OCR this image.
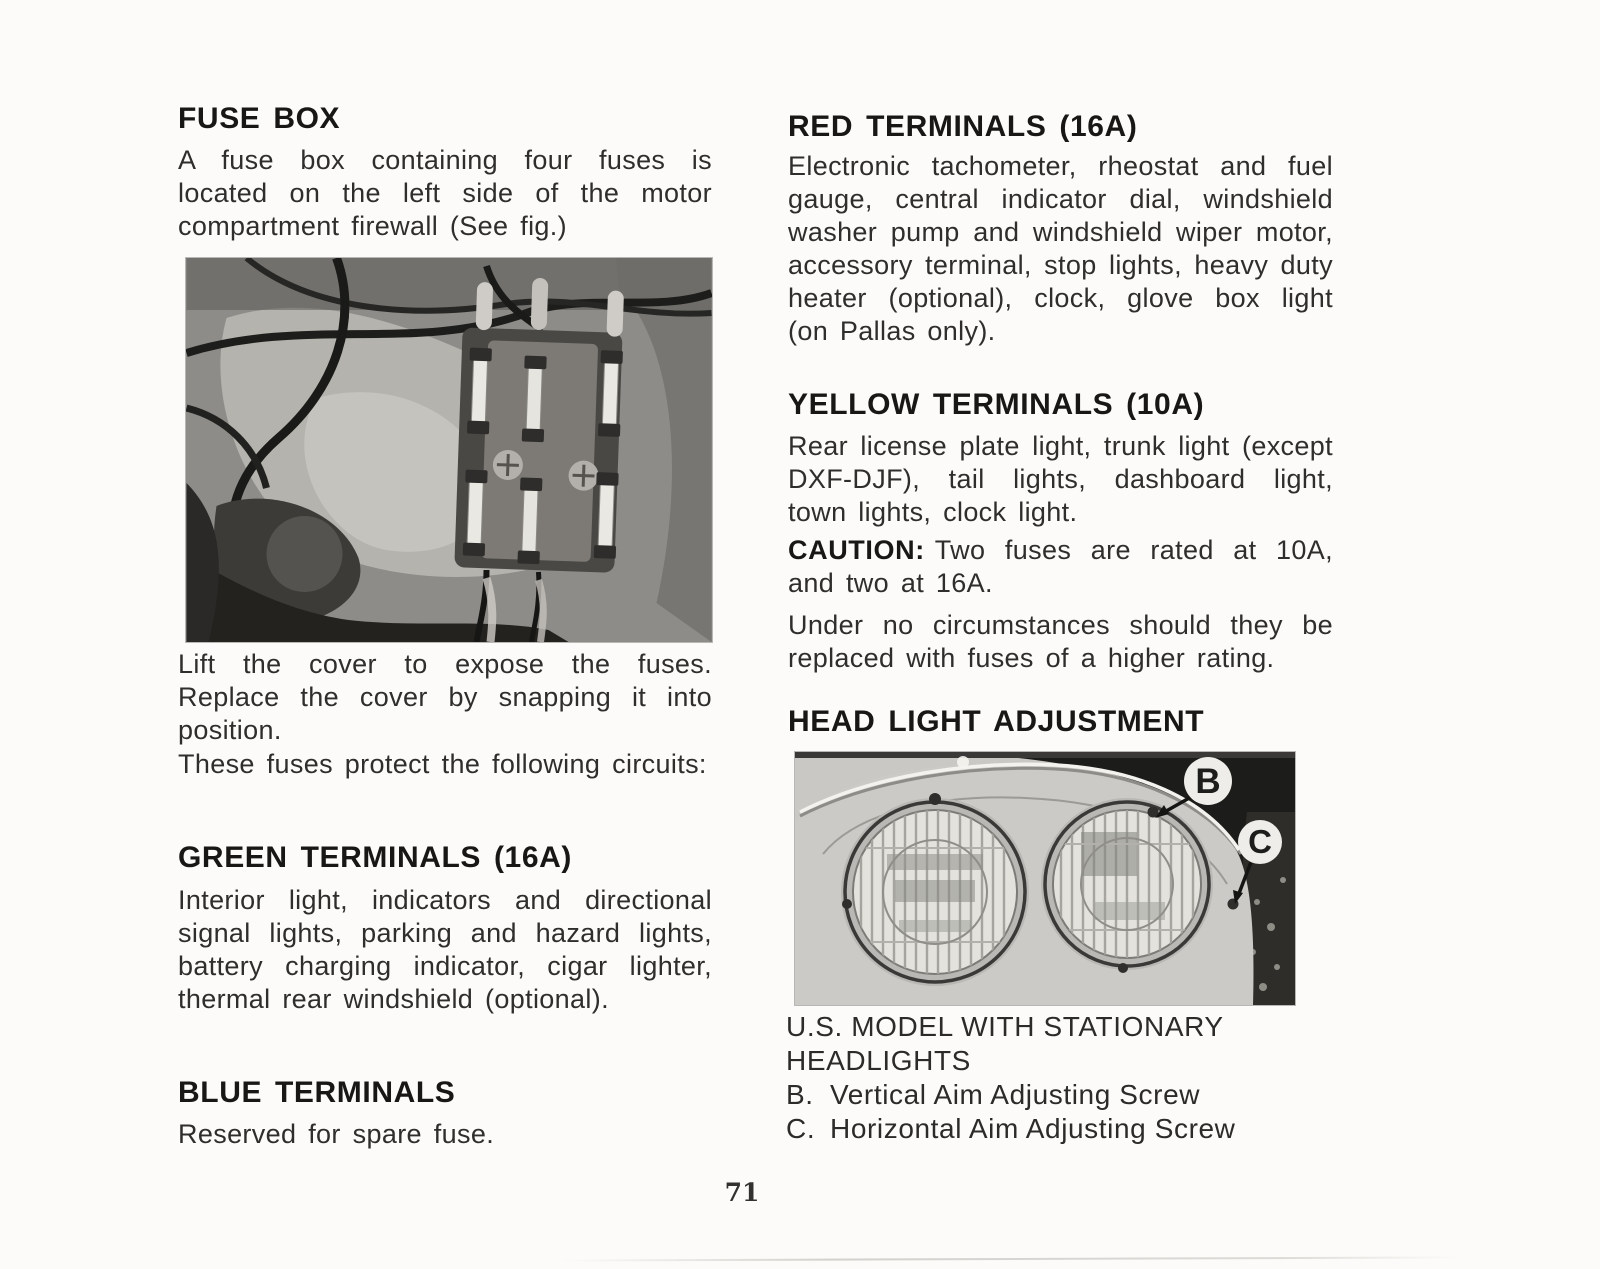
FUSE BOX
A fuse box containing four fuses is located on the left side of the motor compartment firewall (See fig.)
Lift the cover to expose the fuses. Replace the cover by snapping it into position.
These fuses protect the following circuits:
GREEN TERMINALS (16A)
Interior light, indicators and directional signal lights, parking and hazard lights, battery charging indicator, cigar lighter, thermal rear windshield (optional).
BLUE TERMINALS
Reserved for spare fuse.
RED TERMINALS (16A)
Electronic tachometer, rheostat and fuel gauge, central indicator dial, windshield washer pump and windshield wiper motor, accessory terminal, stop lights, heavy duty heater (optional), clock, glove box light (on Pallas only).
YELLOW TERMINALS (10A)
Rear license plate light, trunk light (except DXF-DJF), tail lights, dashboard light, town lights, clock light.

CAUTION: Two fuses are rated at 10A, and two at 16A.

Under no circumstances should they be replaced with fuses of a higher rating.

HEAD LIGHT ADJUSTMENT
B
C
U.S. MODEL WITH STATIONARY
HEADLIGHTS
B. Vertical Aim Adjusting Screw
C. Horizontal Aim Adjusting Screw
71
